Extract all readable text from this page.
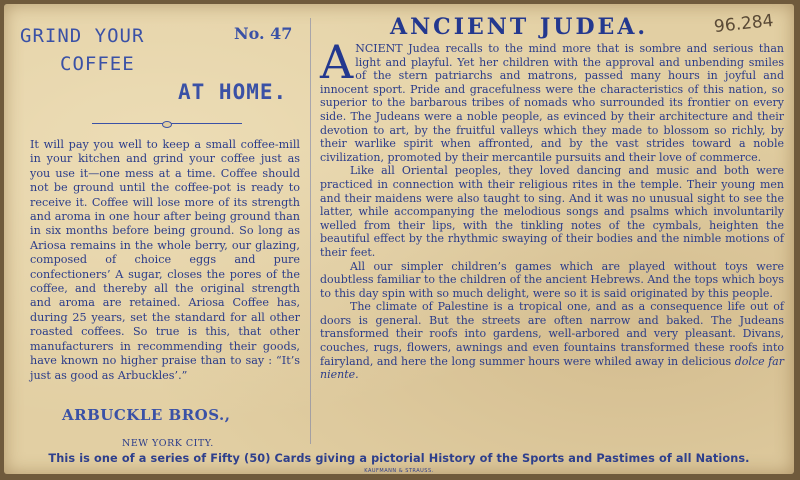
GRIND YOUR
COFFEE
AT HOME.
No. 47
It will pay you well to keep a small coffee-mill in your kitchen and grind your coffee just as you use it—one mess at a time. Coffee should not be ground until the coffee-pot is ready to receive it. Coffee will lose more of its strength and aroma in one hour after being ground than in six months before being ground. So long as Ariosa remains in the whole berry, our glazing, composed of choice eggs and pure confectioners’ A sugar, closes the pores of the coffee, and thereby all the original strength and aroma are retained. Ariosa Coffee has, during 25 years, set the standard for all other roasted coffees. So true is this, that other manufacturers in recommending their goods, have known no higher praise than to say : “It’s just as good as Arbuckles’.”
ARBUCKLE BROS.,
NEW YORK CITY.
ANCIENT JUDEA.	96.284

ANCIENT Judea recalls to the mind more that is sombre and serious than light and playful. Yet her children with the approval and unbending smiles of the stern patriarchs and matrons, passed many hours in joyful and innocent sport. Pride and gracefulness were the characteristics of this nation, so superior to the barbarous tribes of nomads who surrounded its frontier on every side. The Judeans were a noble people, as evinced by their architecture and their devotion to art, by the fruitful valleys which they made to blossom so richly, by their warlike spirit when affronted, and by the vast strides toward a noble civilization, promoted by their mercantile pursuits and their love of commerce.

Like all Oriental peoples, they loved dancing and music and both were practiced in connection with their religious rites in the temple. Their young men and their maidens were also taught to sing. And it was no unusual sight to see the latter, while accompanying the melodious songs and psalms which involuntarily welled from their lips, with the tinkling notes of the cymbals, heighten the beautiful effect by the rhythmic swaying of their bodies and the nimble motions of their feet.

All our simpler children’s games which are played without toys were doubtless familiar to the children of the ancient Hebrews. And the tops which boys to this day spin with so much delight, were so it is said originated by this people.

The climate of Palestine is a tropical one, and as a consequence life out of doors is general. But the streets are often narrow and baked. The Judeans transformed their roofs into gardens, well-arbored and very pleasant. Divans, couches, rugs, flowers, awnings and even fountains transformed these roofs into fairyland, and here the long summer hours were whiled away in delicious dolce far niente.

This is one of a series of Fifty (50) Cards giving a pictorial History of the Sports and Pastimes of all Nations.
KAUFMANN & STRAUSS.
